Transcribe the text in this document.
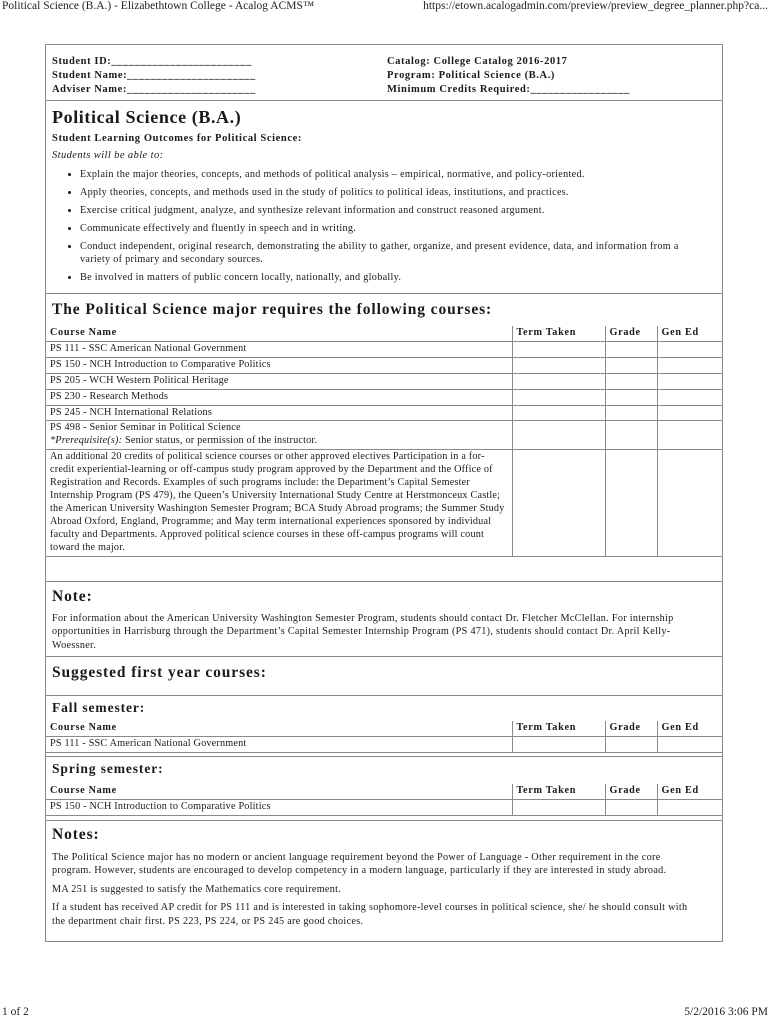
Political Science (B.A.) - Elizabethtown College - Acalog ACMS™	https://etown.acalogadmin.com/preview/preview_degree_planner.php?ca...
Student ID:________________________
Student Name:______________________
Adviser Name:______________________
Catalog: College Catalog 2016-2017
Program: Political Science (B.A.)
Minimum Credits Required:_________________
Political Science (B.A.)
Student Learning Outcomes for Political Science:
Students will be able to:
• Explain the major theories, concepts, and methods of political analysis – empirical, normative, and policy-oriented.
• Apply theories, concepts, and methods used in the study of politics to political ideas, institutions, and practices.
• Exercise critical judgment, analyze, and synthesize relevant information and construct reasoned argument.
• Communicate effectively and fluently in speech and in writing.
• Conduct independent, original research, demonstrating the ability to gather, organize, and present evidence, data, and information from a variety of primary and secondary sources.
• Be involved in matters of public concern locally, nationally, and globally.
The Political Science major requires the following courses:
Course Name	Term Taken	Grade	Gen Ed
PS 111 - SSC American National Government			
PS 150 - NCH Introduction to Comparative Politics			
PS 205 - WCH Western Political Heritage			
PS 230 - Research Methods			
PS 245 - NCH International Relations			

PS 498 - Senior Seminar in Political Science
*Prerequisite(s): Senior status, or permission of the instructor.			

An additional 20 credits of political science courses or other approved electives Participation in a for-credit experiential-learning or off-campus study program approved by the Department and the Office of Registration and Records. Examples of such programs include: the Department’s Capital Semester Internship Program (PS 479), the Queen’s University International Study Centre at Herstmonceux Castle; the American University Washington Semester Program; BCA Study Abroad programs; the Summer Study Abroad Oxford, England, Programme; and May term international experiences sponsored by individual faculty and Departments. Approved political science courses in these off-campus programs will count toward the major.			
Note:
For information about the American University Washington Semester Program, students should contact Dr. Fletcher McClellan. For internship opportunities in Harrisburg through the Department’s Capital Semester Internship Program (PS 471), students should contact Dr. April Kelly-Woessner.
Suggested first year courses:
Fall semester:
Course Name	Term Taken	Grade	Gen Ed
PS 111 - SSC American National Government			
Spring semester:
Course Name	Term Taken	Grade	Gen Ed
PS 150 - NCH Introduction to Comparative Politics			
Notes:

The Political Science major has no modern or ancient language requirement beyond the Power of Language - Other requirement in the core program. However, students are encouraged to develop competency in a modern language, particularly if they are interested in study abroad.

MA 251 is suggested to satisfy the Mathematics core requirement.

If a student has received AP credit for PS 111 and is interested in taking sophomore-level courses in political science, she/ he should consult with the department chair first. PS 223, PS 224, or PS 245 are good choices.

1 of 2	5/2/2016 3:06 PM
